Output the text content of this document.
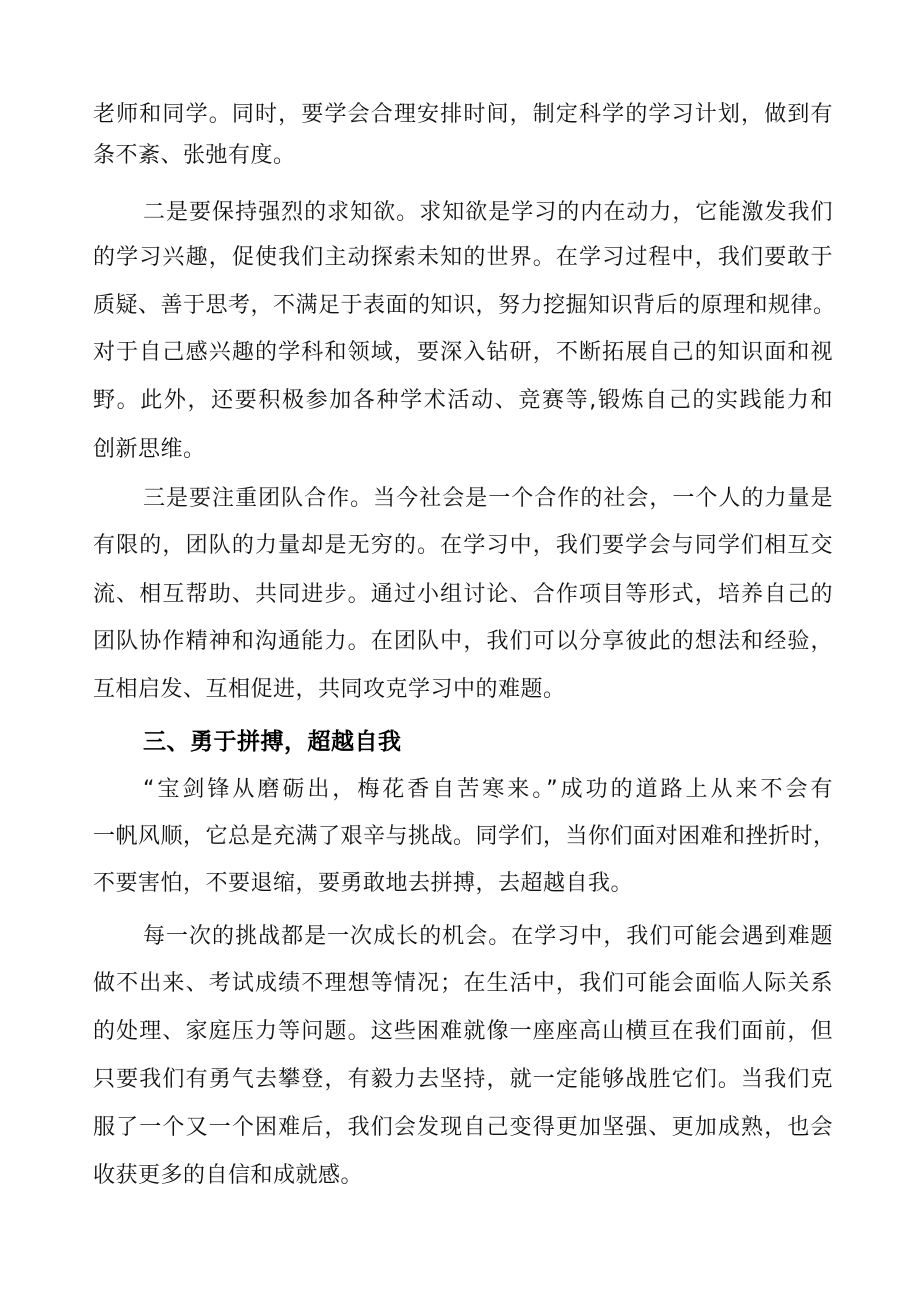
老师和同学。同时，要学会合理安排时间，制定科学的学习计划，做到有

条不紊、张弛有度。

二是要保持强烈的求知欲。求知欲是学习的内在动力，它能激发我们

的学习兴趣，促使我们主动探索未知的世界。在学习过程中，我们要敢于

质疑、善于思考，不满足于表面的知识，努力挖掘知识背后的原理和规律。

对于自己感兴趣的学科和领域，要深入钻研，不断拓展自己的知识面和视

野。此外，还要积极参加各种学术活动、竞赛等,锻炼自己的实践能力和

创新思维。

三是要注重团队合作。当今社会是一个合作的社会，一个人的力量是

有限的，团队的力量却是无穷的。在学习中，我们要学会与同学们相互交

流、相互帮助、共同进步。通过小组讨论、合作项目等形式，培养自己的

团队协作精神和沟通能力。在团队中，我们可以分享彼此的想法和经验，

互相启发、互相促进，共同攻克学习中的难题。

三、勇于拼搏，超越自我

“宝剑锋从磨砺出，梅花香自苦寒来。”成功的道路上从来不会有

一帆风顺，它总是充满了艰辛与挑战。同学们，当你们面对困难和挫折时，

不要害怕，不要退缩，要勇敢地去拼搏，去超越自我。

每一次的挑战都是一次成长的机会。在学习中，我们可能会遇到难题

做不出来、考试成绩不理想等情况；在生活中，我们可能会面临人际关系

的处理、家庭压力等问题。这些困难就像一座座高山横亘在我们面前，但

只要我们有勇气去攀登，有毅力去坚持，就一定能够战胜它们。当我们克

服了一个又一个困难后，我们会发现自己变得更加坚强、更加成熟，也会

收获更多的自信和成就感。
